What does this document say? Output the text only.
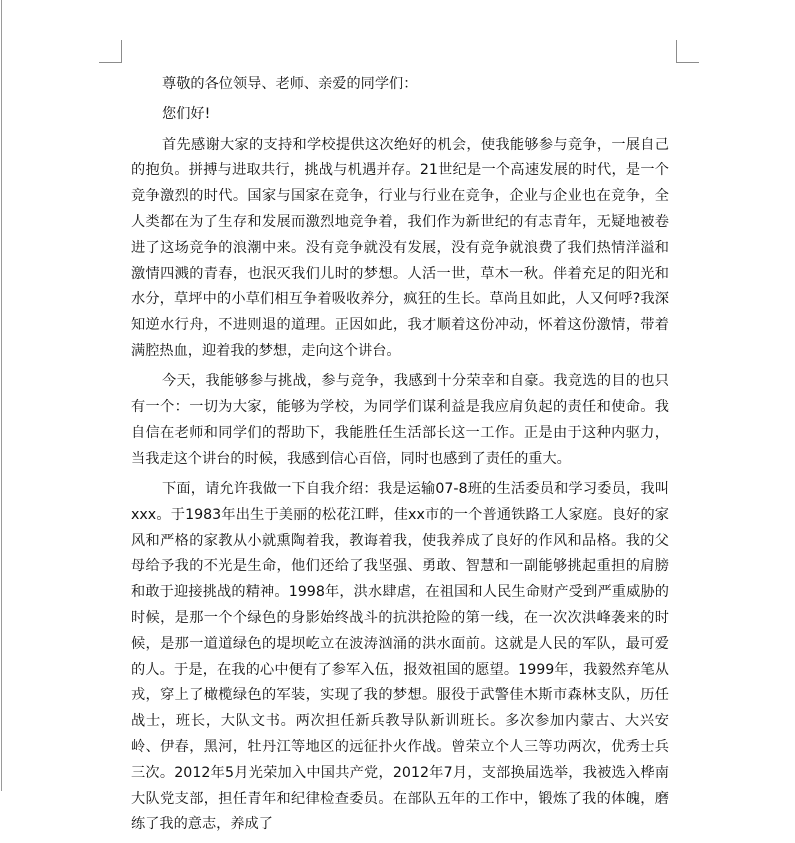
尊敬的各位领导、老师、亲爱的同学们：

您们好!

首先感谢大家的支持和学校提供这次绝好的机会，使我能够参与竞争，一展自己的抱负。拼搏与进取共行，挑战与机遇并存。21世纪是一个高速发展的时代，是一个竞争激烈的时代。国家与国家在竞争，行业与行业在竞争，企业与企业也在竞争，全人类都在为了生存和发展而激烈地竞争着，我们作为新世纪的有志青年，无疑地被卷进了这场竞争的浪潮中来。没有竞争就没有发展，没有竞争就浪费了我们热情洋溢和激情四溅的青春，也泯灭我们儿时的梦想。人活一世，草木一秋。伴着充足的阳光和水分，草坪中的小草们相互争着吸收养分，疯狂的生长。草尚且如此，人又何呼?我深知逆水行舟，不进则退的道理。正因如此，我才顺着这份冲动，怀着这份激情，带着满腔热血，迎着我的梦想，走向这个讲台。

今天，我能够参与挑战，参与竞争，我感到十分荣幸和自豪。我竞选的目的也只有一个：一切为大家，能够为学校，为同学们谋利益是我应肩负起的责任和使命。我自信在老师和同学们的帮助下，我能胜任生活部长这一工作。正是由于这种内驱力，当我走这个讲台的时候，我感到信心百倍，同时也感到了责任的重大。

下面，请允许我做一下自我介绍：我是运输07-8班的生活委员和学习委员，我叫xxx。于1983年出生于美丽的松花江畔，佳xx市的一个普通铁路工人家庭。良好的家风和严格的家教从小就熏陶着我，教诲着我，使我养成了良好的作风和品格。我的父母给予我的不光是生命，他们还给了我坚强、勇敢、智慧和一副能够挑起重担的肩膀和敢于迎接挑战的精神。1998年，洪水肆虐，在祖国和人民生命财产受到严重威胁的时候，是那一个个绿色的身影始终战斗的抗洪抢险的第一线，在一次次洪峰袭来的时候，是那一道道绿色的堤坝屹立在波涛汹涌的洪水面前。这就是人民的军队，最可爱的人。于是，在我的心中便有了参军入伍，报效祖国的愿望。1999年，我毅然弃笔从戎，穿上了橄榄绿色的军装，实现了我的梦想。服役于武警佳木斯市森林支队，历任战士，班长，大队文书。两次担任新兵教导队新训班长。多次参加内蒙古、大兴安岭、伊春，黑河，牡丹江等地区的远征扑火作战。曾荣立个人三等功两次，优秀士兵三次。2012年5月光荣加入中国共产党，2012年7月，支部换届选举，我被选入桦南大队党支部，担任青年和纪律检查委员。在部队五年的工作中，锻炼了我的体魄，磨练了我的意志，养成了
